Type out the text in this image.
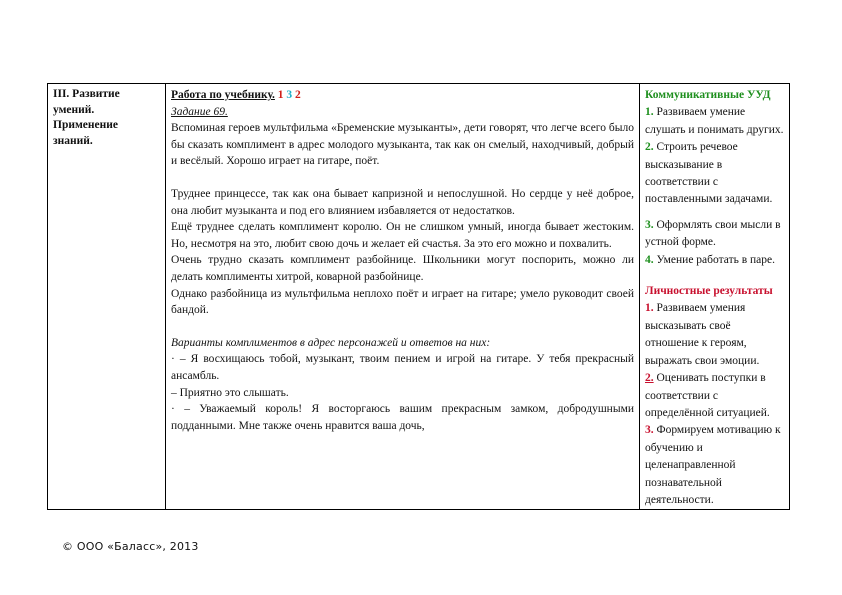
III. Развитие

умений.

Применение

знаний.

Работа по учебнику. 1 3 2

Задание 69.

Вспоминая героев мультфильма «Бременские музыканты», дети говорят, что легче всего было бы сказать комплимент в адрес молодого музыканта, так как он смелый, находчивый, добрый и весёлый. Хорошо играет на гитаре, поёт.

Труднее принцессе, так как она бывает капризной и непослушной. Но сердце у неё доброе, она любит музыканта и под его влиянием избавляется от недостатков.

Ещё труднее сделать комплимент королю. Он не слишком умный, иногда бывает жестоким. Но, несмотря на это, любит свою дочь и желает ей счастья. За это его можно и похвалить.

Очень трудно сказать комплимент разбойнице. Школьники могут поспорить, можно ли делать комплименты хитрой, коварной разбойнице.

Однако разбойница из мультфильма неплохо поёт и играет на гитаре; умело руководит своей бандой.

Варианты комплиментов в адрес персонажей и ответов на них:

· – Я восхищаюсь тобой, музыкант, твоим пением и игрой на гитаре. У тебя прекрасный ансамбль.

– Приятно это слышать.

· – Уважаемый король! Я восторгаюсь вашим прекрасным замком, добродушными подданными. Мне также очень нравится ваша дочь,

Коммуникативные УУД

1. Развиваем умение слушать и понимать других.

2. Строить речевое высказывание в соответствии с поставленными задачами.

3. Оформлять свои мысли в устной форме.

4. Умение работать в паре.

Личностные результаты

1. Развиваем умения высказывать своё отношение к героям, выражать свои эмоции.

2. Оценивать поступки в соответствии с определённой ситуацией.

3. Формируем мотивацию к обучению и целенаправленной познавательной деятельности.

© ООО «Баласс», 2013
